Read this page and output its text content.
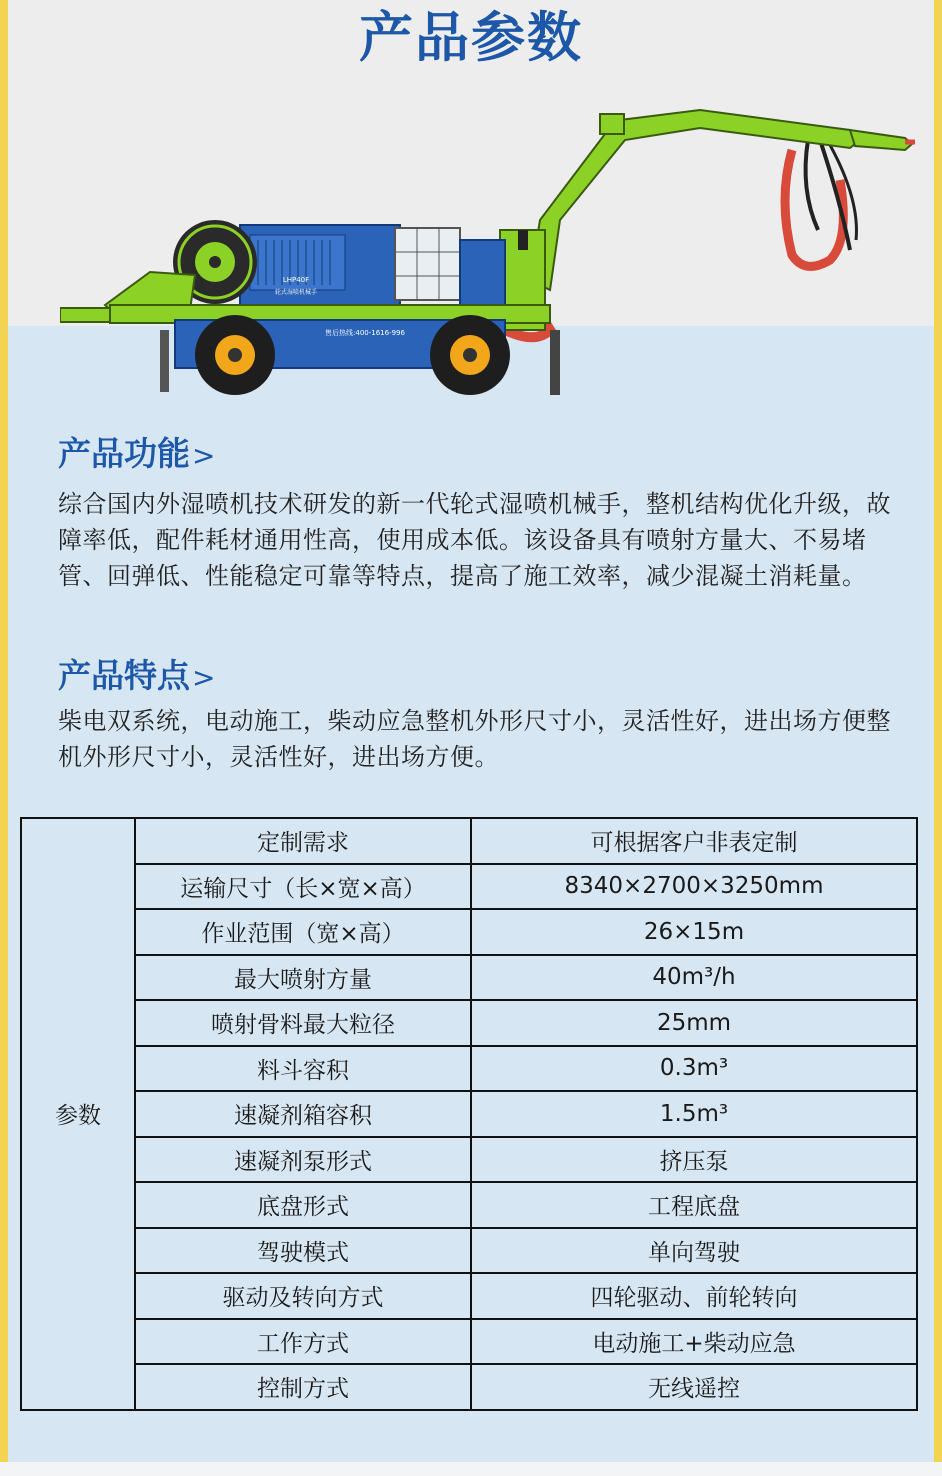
产品参数
LHP40F
轮式湿喷机械手
售后热线:400-1616-996
产品功能>

综合国内外湿喷机技术研发的新一代轮式湿喷机械手，整机结构优化升级，故障率低，配件耗材通用性高，使用成本低。该设备具有喷射方量大、不易堵管、回弹低、性能稳定可靠等特点，提高了施工效率，减少混凝土消耗量。

产品特点>

柴电双系统，电动施工，柴动应急整机外形尺寸小，灵活性好，进出场方便整机外形尺寸小，灵活性好，进出场方便。

参数	定制需求	可根据客户非表定制
	运输尺寸（长×宽×高）	8340×2700×3250mm
	作业范围（宽×高）	26×15m
	最大喷射方量	40m³/h
	喷射骨料最大粒径	25mm
	料斗容积	0.3m³
	速凝剂箱容积	1.5m³
	速凝剂泵形式	挤压泵
	底盘形式	工程底盘
	驾驶模式	单向驾驶
	驱动及转向方式	四轮驱动、前轮转向
	工作方式	电动施工+柴动应急
	控制方式	无线遥控
